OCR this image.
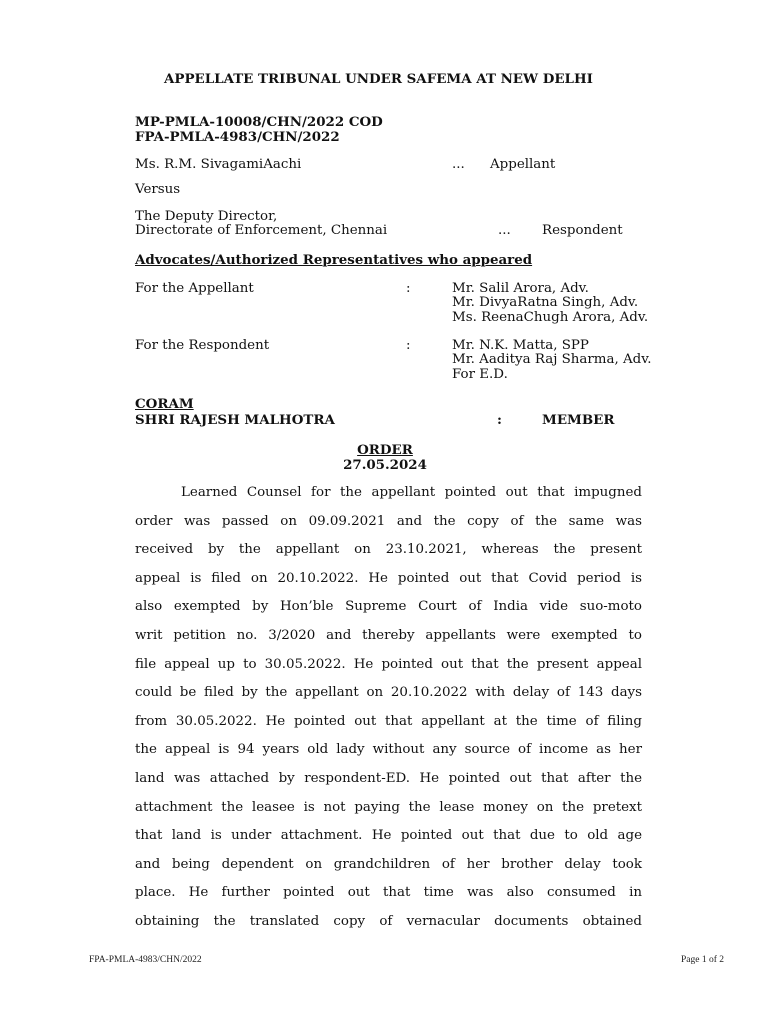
APPELLATE TRIBUNAL UNDER SAFEMA AT NEW DELHI
MP-PMLA-10008/CHN/2022 COD
FPA-PMLA-4983/CHN/2022
Ms. R.M. SivagamiAachi	... Appellant
Versus
The Deputy Director,
Directorate of Enforcement, Chennai	... Respondent
Advocates/Authorized Representatives who appeared
For the Appellant	:	Mr. Salil Arora, Adv.
Mr. DivyaRatna Singh, Adv.
Ms. ReenaChugh Arora, Adv.
For the Respondent	:	Mr. N.K. Matta, SPP
Mr. Aaditya Raj Sharma, Adv.
For E.D.
CORAM
SHRI RAJESH MALHOTRA	:	MEMBER
ORDER
27.05.2024
Learned Counsel for the appellant pointed out that impugned
order was passed on 09.09.2021 and the copy of the same was
received by the appellant on 23.10.2021, whereas the present
appeal is filed on 20.10.2022. He pointed out that Covid period is
also exempted by Hon’ble Supreme Court of India vide suo-moto
writ petition no. 3/2020 and thereby appellants were exempted to
file appeal up to 30.05.2022. He pointed out that the present appeal
could be filed by the appellant on 20.10.2022 with delay of 143 days
from 30.05.2022. He pointed out that appellant at the time of filing
the appeal is 94 years old lady without any source of income as her
land was attached by respondent-ED. He pointed out that after the
attachment the leasee is not paying the lease money on the pretext
that land is under attachment. He pointed out that due to old age
and being dependent on grandchildren of her brother delay took
place. He further pointed out that time was also consumed in
obtaining the translated copy of vernacular documents obtained
FPA-PMLA-4983/CHN/2022	Page 1 of 2
